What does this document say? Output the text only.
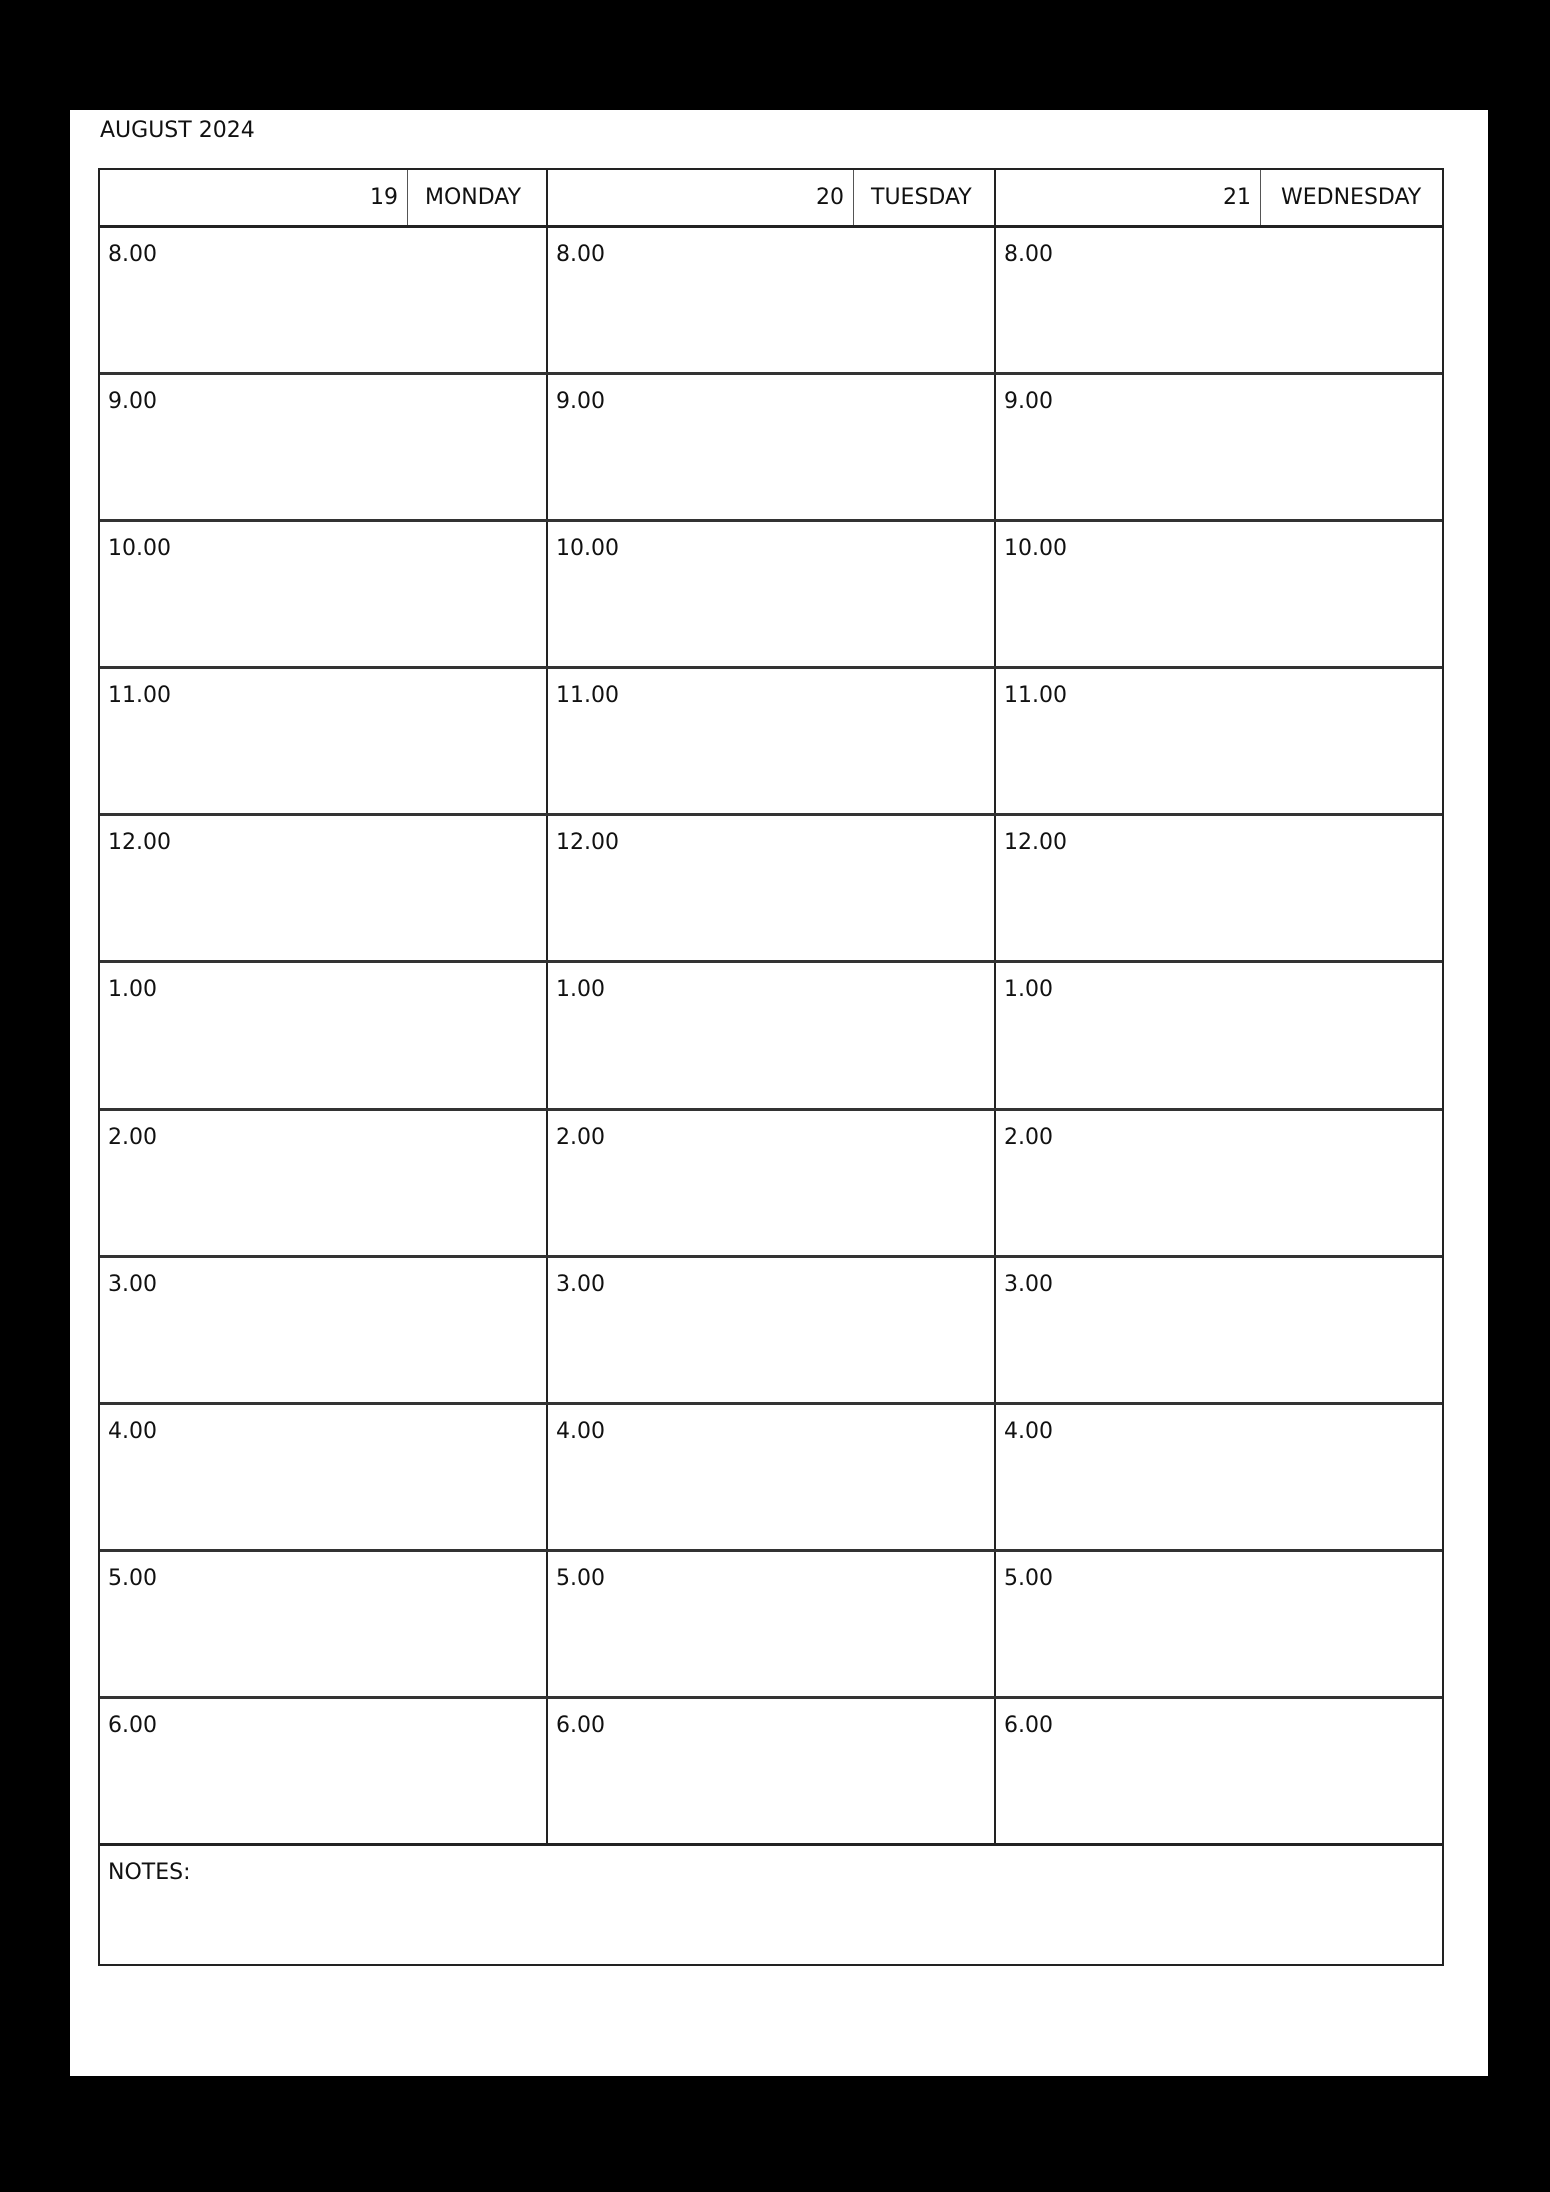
AUGUST 2024
19	MONDAY	20	TUESDAY	21	WEDNESDAY
8.00	8.00	8.00
9.00	9.00	9.00
10.00	10.00	10.00
11.00	11.00	11.00
12.00	12.00	12.00
1.00	1.00	1.00
2.00	2.00	2.00
3.00	3.00	3.00
4.00	4.00	4.00
5.00	5.00	5.00
6.00	6.00	6.00
NOTES:
